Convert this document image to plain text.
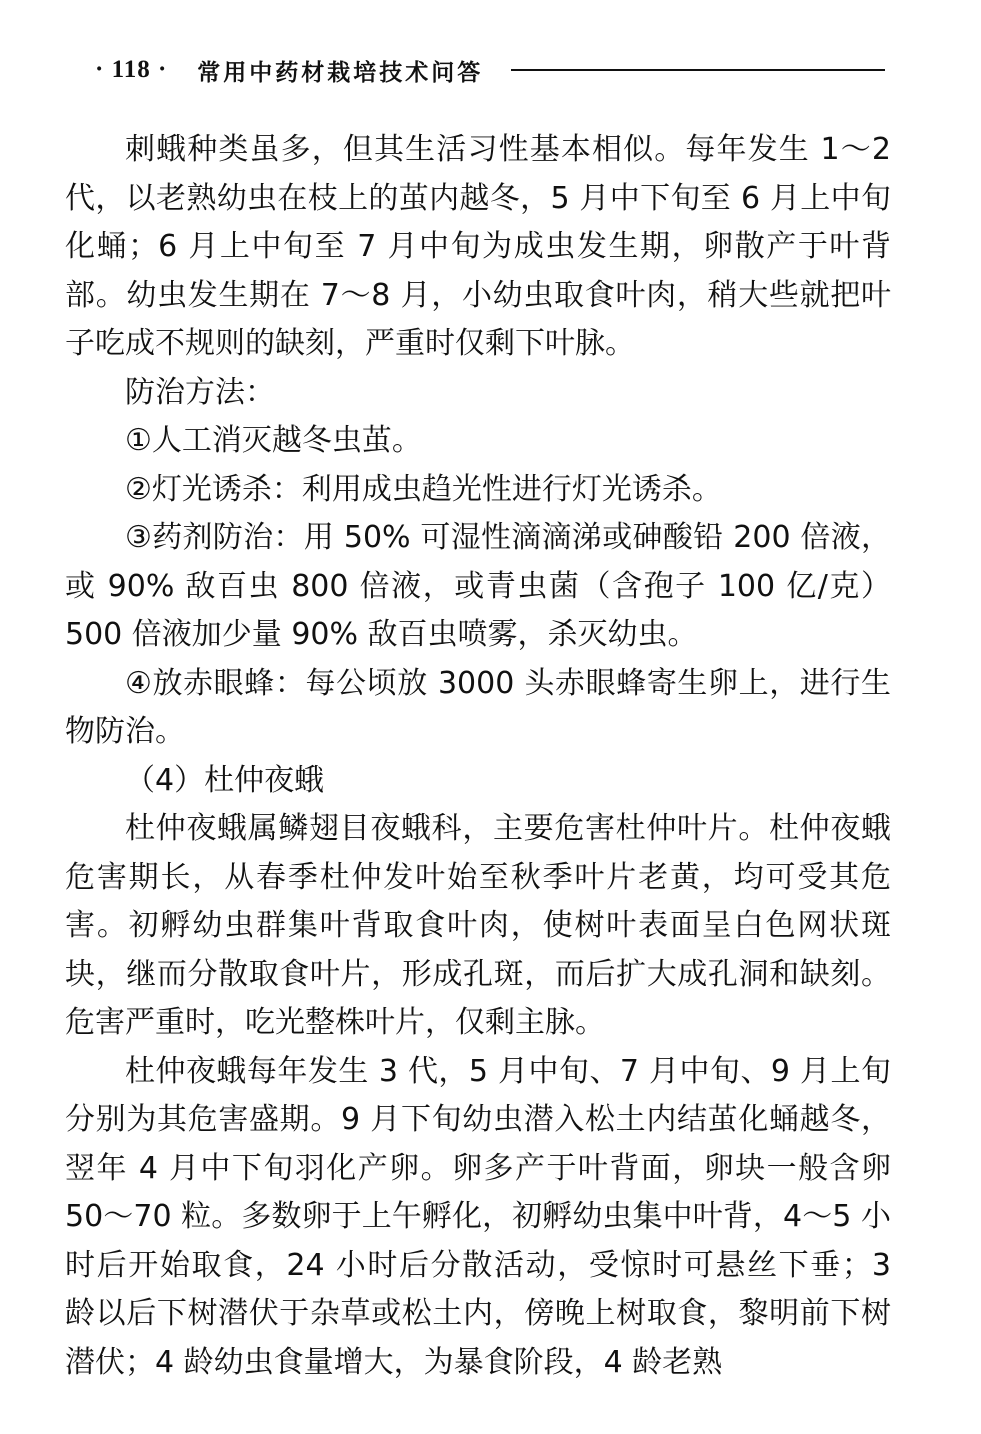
· 118 · 常用中药材栽培技术问答

刺蛾种类虽多，但其生活习性基本相似。每年发生 1～2 代，以老熟幼虫在枝上的茧内越冬，5 月中下旬至 6 月上中旬化蛹；6 月上中旬至 7 月中旬为成虫发生期，卵散产于叶背部。幼虫发生期在 7～8 月，小幼虫取食叶肉，稍大些就把叶子吃成不规则的缺刻，严重时仅剩下叶脉。

防治方法：

①人工消灭越冬虫茧。

②灯光诱杀：利用成虫趋光性进行灯光诱杀。

③药剂防治：用 50% 可湿性滴滴涕或砷酸铅 200 倍液，或 90% 敌百虫 800 倍液，或青虫菌（含孢子 100 亿/克）500 倍液加少量 90% 敌百虫喷雾，杀灭幼虫。

④放赤眼蜂：每公顷放 3000 头赤眼蜂寄生卵上，进行生物防治。

（4）杜仲夜蛾

杜仲夜蛾属鳞翅目夜蛾科，主要危害杜仲叶片。杜仲夜蛾危害期长，从春季杜仲发叶始至秋季叶片老黄，均可受其危害。初孵幼虫群集叶背取食叶肉，使树叶表面呈白色网状斑块，继而分散取食叶片，形成孔斑，而后扩大成孔洞和缺刻。危害严重时，吃光整株叶片，仅剩主脉。

杜仲夜蛾每年发生 3 代，5 月中旬、7 月中旬、9 月上旬分别为其危害盛期。9 月下旬幼虫潜入松土内结茧化蛹越冬，翌年 4 月中下旬羽化产卵。卵多产于叶背面，卵块一般含卵 50～70 粒。多数卵于上午孵化，初孵幼虫集中叶背，4～5 小时后开始取食，24 小时后分散活动，受惊时可悬丝下垂；3 龄以后下树潜伏于杂草或松土内，傍晚上树取食，黎明前下树潜伏；4 龄幼虫食量增大，为暴食阶段，4 龄老熟
